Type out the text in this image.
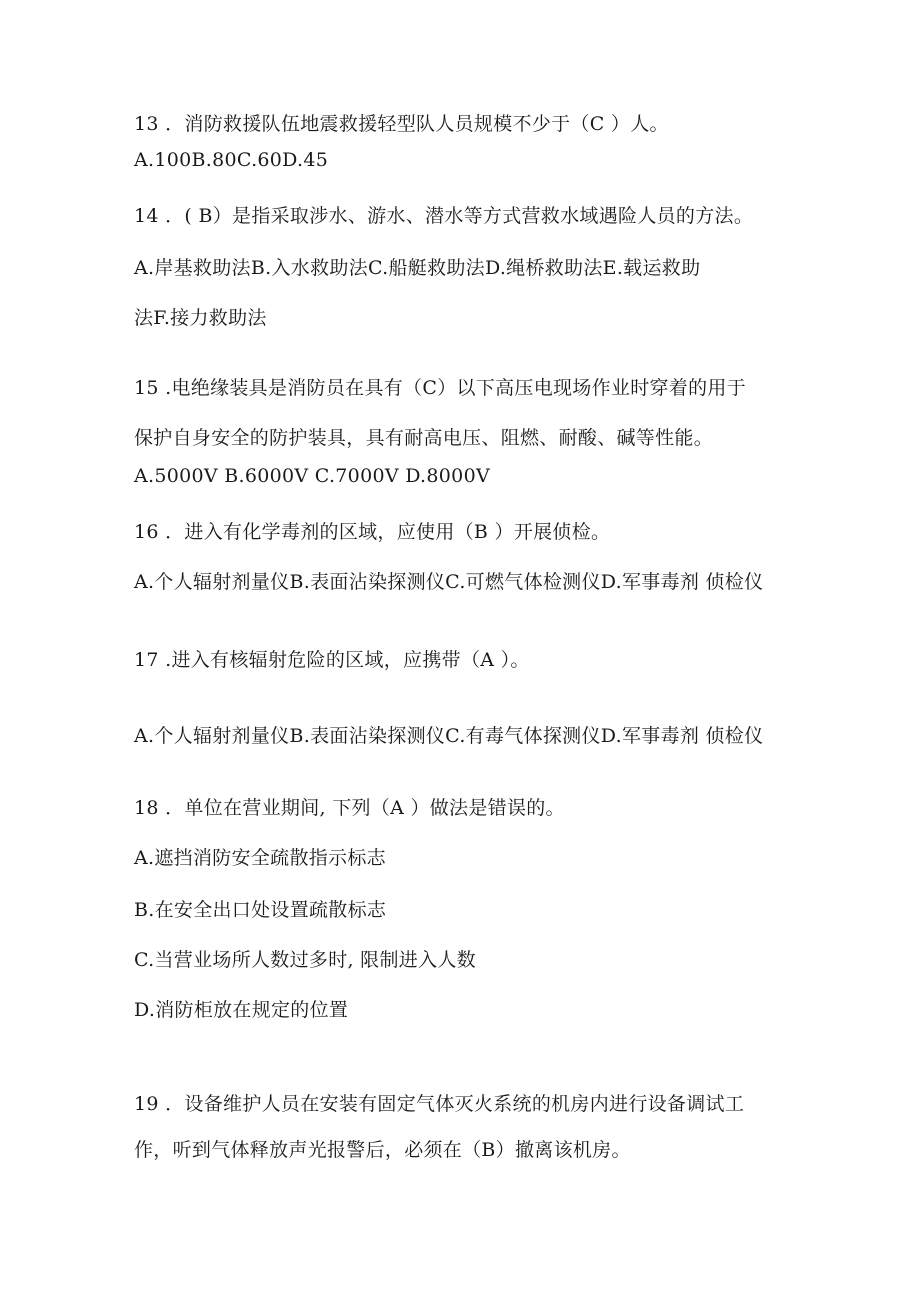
13 ．消防救援队伍地震救援轻型队人员规模不少于（C ）人。
A.100B.80C.60D.45
14 ．( B）是指采取涉水、游水、潜水等方式营救水域遇险人员的方法。
A.岸基救助法B.入水救助法C.船艇救助法D.绳桥救助法E.载运救助
法F.接力救助法
15 .电绝缘装具是消防员在具有（C）以下高压电现场作业时穿着的用于
保护自身安全的防护装具，具有耐高电压、阻燃、耐酸、碱等性能。
A.5000V B.6000V C.7000V D.8000V
16 ．进入有化学毒剂的区域，应使用（B ）开展侦检。
A.个人辐射剂量仪B.表面沾染探测仪C.可燃气体检测仪D.军事毒剂 侦检仪
17 .进入有核辐射危险的区域，应携带（A ）。
A.个人辐射剂量仪B.表面沾染探测仪C.有毒气体探测仪D.军事毒剂 侦检仪
18 ．单位在营业期间, 下列（A ）做法是错误的。
A.遮挡消防安全疏散指示标志
B.在安全出口处设置疏散标志
C.当营业场所人数过多时, 限制进入人数
D.消防柜放在规定的位置
19 ．设备维护人员在安装有固定气体灭火系统的机房内进行设备调试工
作，听到气体释放声光报警后，必须在（B）撤离该机房。
